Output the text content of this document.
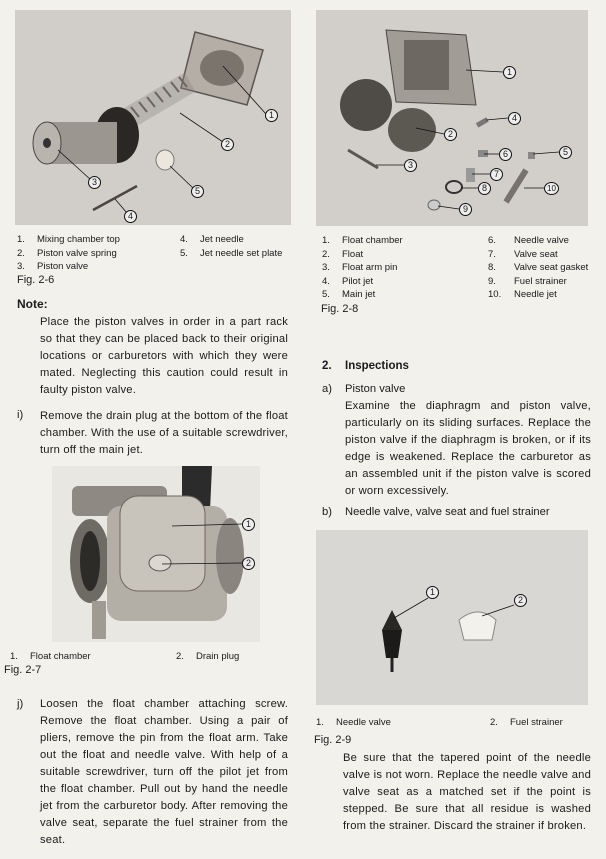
1
2
3
4
5
1.	Mixing chamber top
2.	Piston valve spring
3.	Piston valve
4.	Jet needle
5.	Jet needle set plate
Fig. 2-6
Note:
Place the piston valves in order in a part rack so that they can be placed back to their original locations or carburetors with which they were mated. Neglecting this caution could result in faulty piston valve.
i) Remove the drain plug at the bottom of the float chamber. With the use of a suitable screwdriver, turn off the main jet.
1
2
1.	Float chamber	2.	Drain plug
Fig. 2-7
j) Loosen the float chamber attaching screw. Remove the float chamber. Using a pair of pliers, remove the pin from the float arm. Take out the float and needle valve. With help of a suitable screwdriver, turn off the pilot jet from the float chamber. Pull out by hand the needle jet from the carburetor body. After removing the valve seat, separate the fuel strainer from the seat.
1
2
3
4
5
6
7
8
9
10
1.	Float chamber
2.	Float
3.	Float arm pin
4.	Pilot jet
5.	Main jet
6.	Needle valve
7.	Valve seat
8.	Valve seat gasket
9.	Fuel strainer
10.	Needle jet
Fig. 2-8
2. Inspections
a) Piston valve
Examine the diaphragm and piston valve, particularly on its sliding surfaces. Replace the piston valve if the diaphragm is broken, or if its edge is weakened. Replace the carburetor as an assembled unit if the piston valve is scored or worn excessively.
b) Needle valve, valve seat and fuel strainer
1
2
1.	Needle valve	2.	Fuel strainer
Fig. 2-9
Be sure that the tapered point of the needle valve is not worn. Replace the needle valve and valve seat as a matched set if the point is stepped. Be sure that all residue is washed from the strainer. Discard the strainer if broken.
